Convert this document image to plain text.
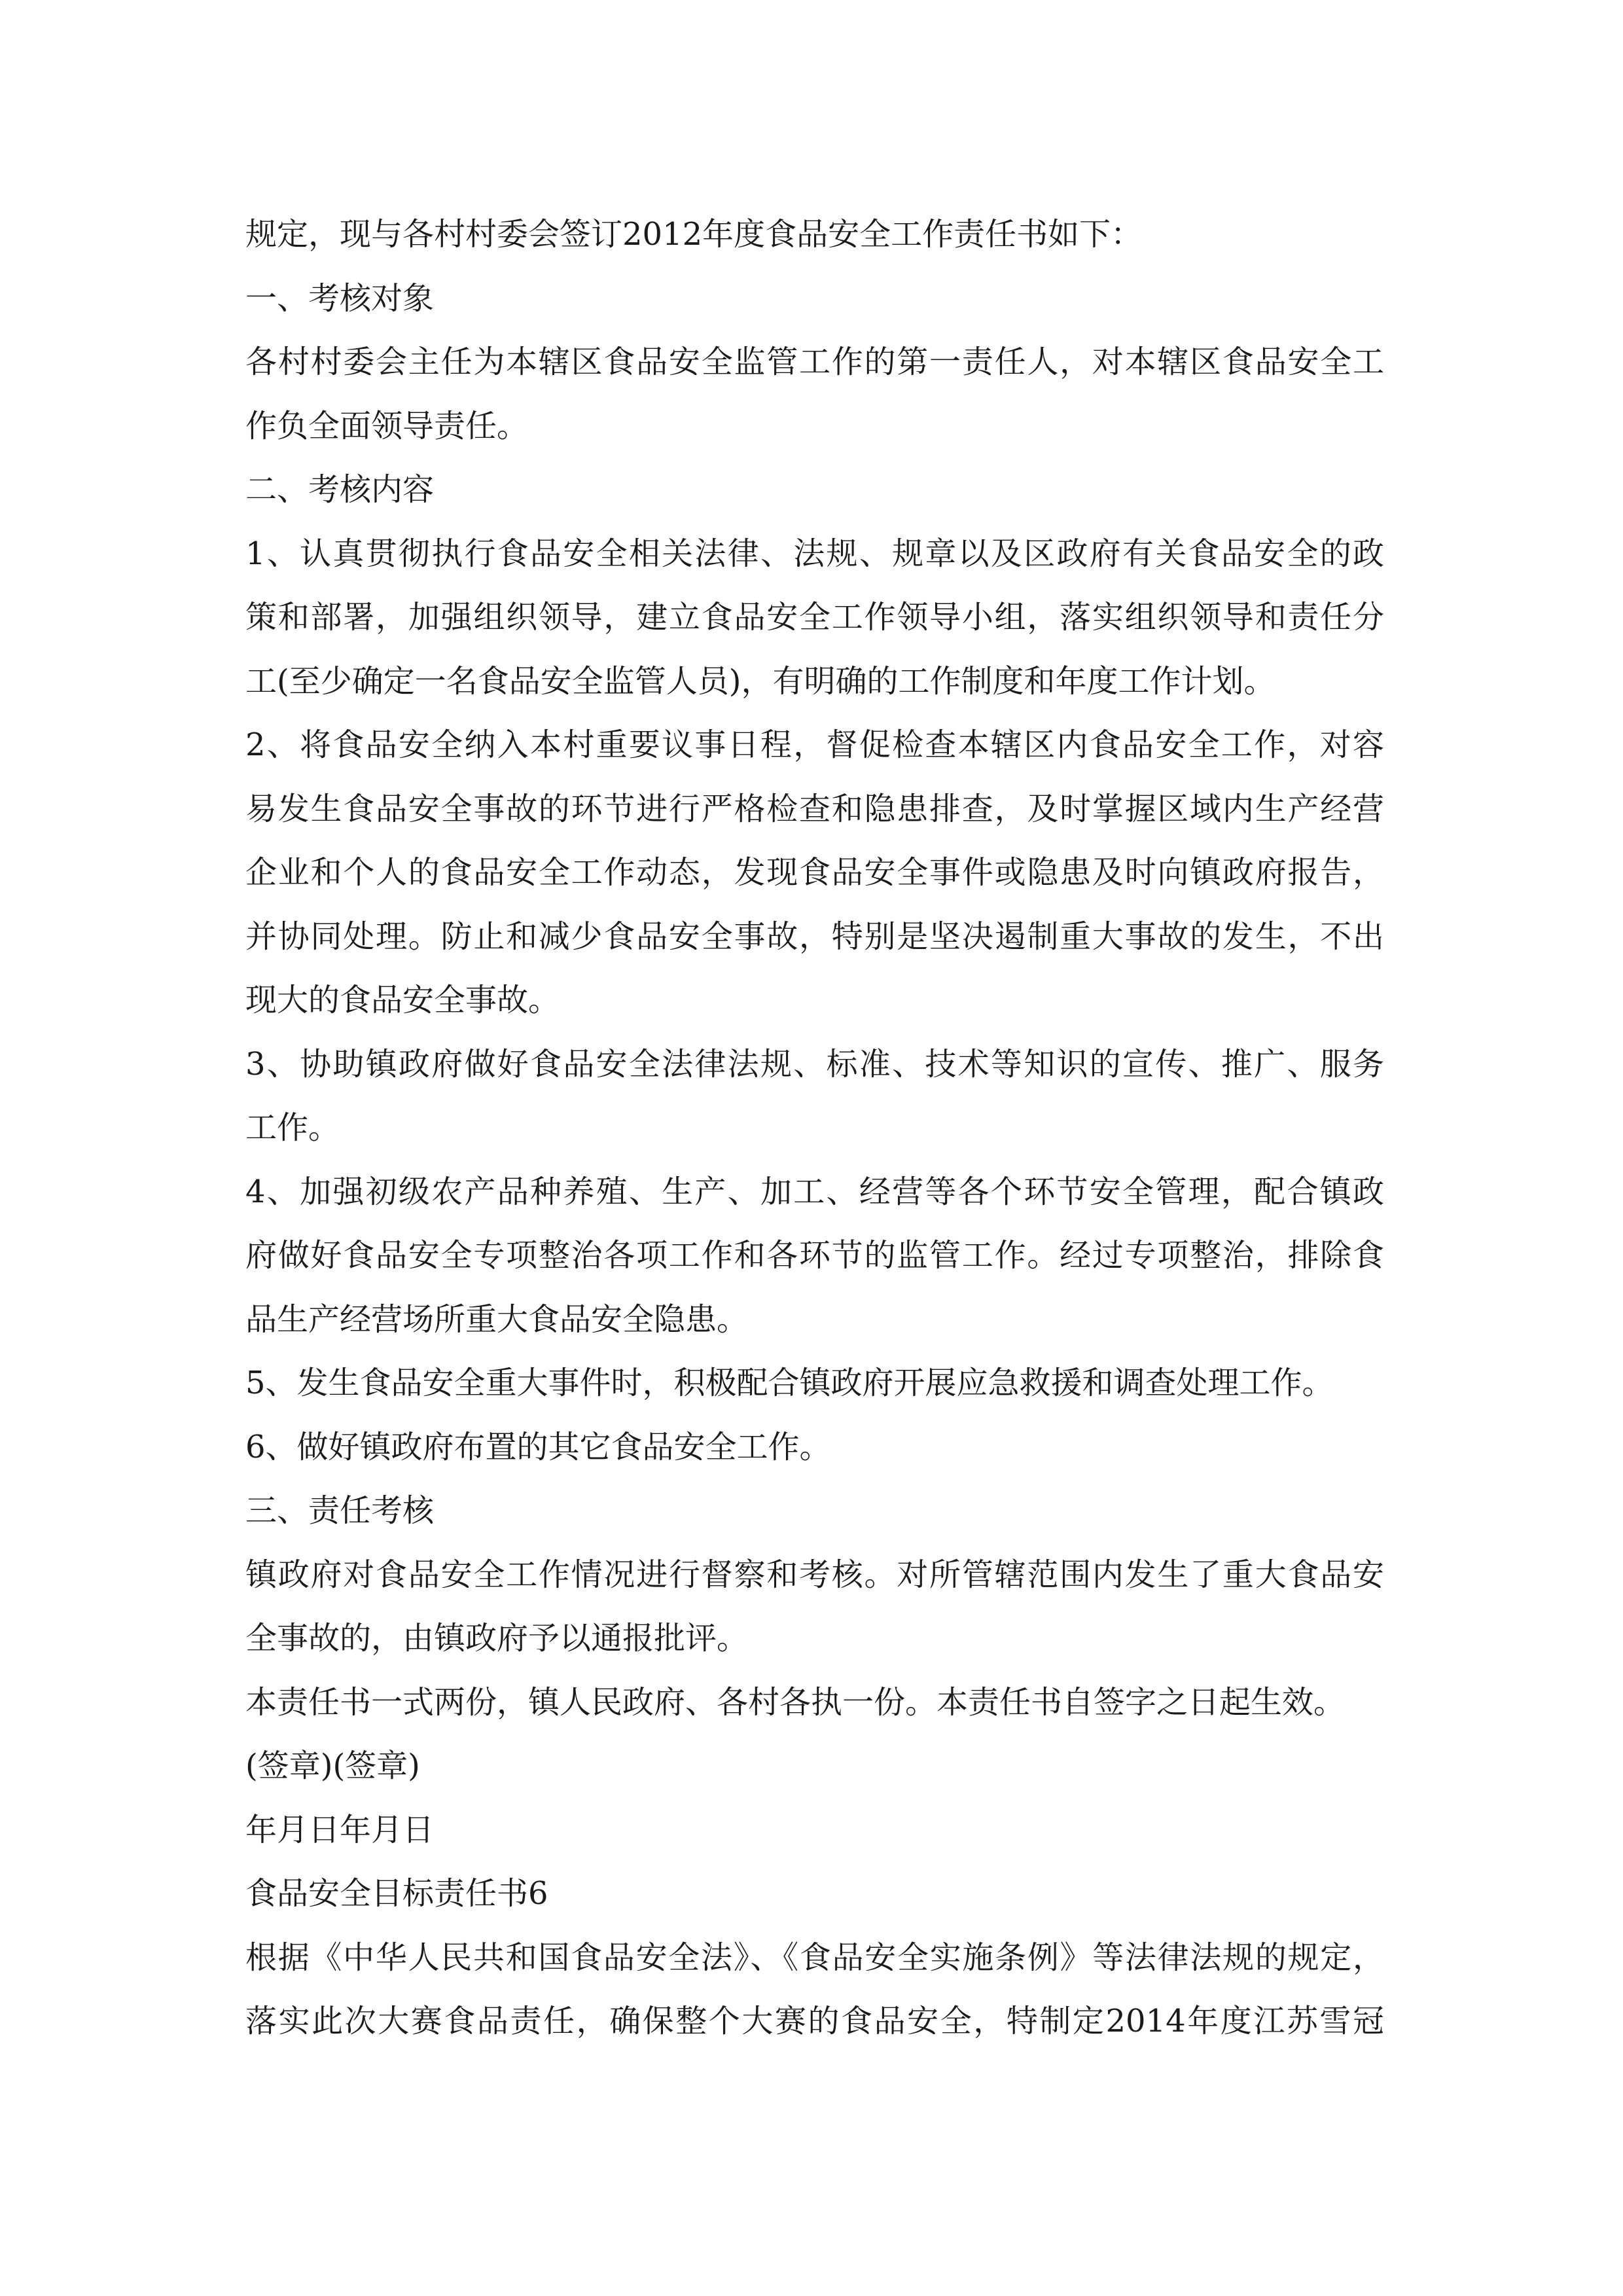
规定，现与各村村委会签订2012年度食品安全工作责任书如下：
一、考核对象
各村村委会主任为本辖区食品安全监管工作的第一责任人，对本辖区食品安全工
作负全面领导责任。
二、考核内容
1、认真贯彻执行食品安全相关法律、法规、规章以及区政府有关食品安全的政
策和部署，加强组织领导，建立食品安全工作领导小组，落实组织领导和责任分
工(至少确定一名食品安全监管人员)，有明确的工作制度和年度工作计划。
2、将食品安全纳入本村重要议事日程，督促检查本辖区内食品安全工作，对容
易发生食品安全事故的环节进行严格检查和隐患排查，及时掌握区域内生产经营
企业和个人的食品安全工作动态，发现食品安全事件或隐患及时向镇政府报告，
并协同处理。防止和减少食品安全事故，特别是坚决遏制重大事故的发生，不出
现大的食品安全事故。
3、协助镇政府做好食品安全法律法规、标准、技术等知识的宣传、推广、服务
工作。
4、加强初级农产品种养殖、生产、加工、经营等各个环节安全管理，配合镇政
府做好食品安全专项整治各项工作和各环节的监管工作。经过专项整治，排除食
品生产经营场所重大食品安全隐患。
5、发生食品安全重大事件时，积极配合镇政府开展应急救援和调查处理工作。
6、做好镇政府布置的其它食品安全工作。
三、责任考核
镇政府对食品安全工作情况进行督察和考核。对所管辖范围内发生了重大食品安
全事故的，由镇政府予以通报批评。
本责任书一式两份，镇人民政府、各村各执一份。本责任书自签字之日起生效。
(签章)(签章)
年月日年月日
食品安全目标责任书6
根据《中华人民共和国食品安全法》、《食品安全实施条例》等法律法规的规定，
落实此次大赛食品责任，确保整个大赛的食品安全，特制定2014年度江苏雪冠
